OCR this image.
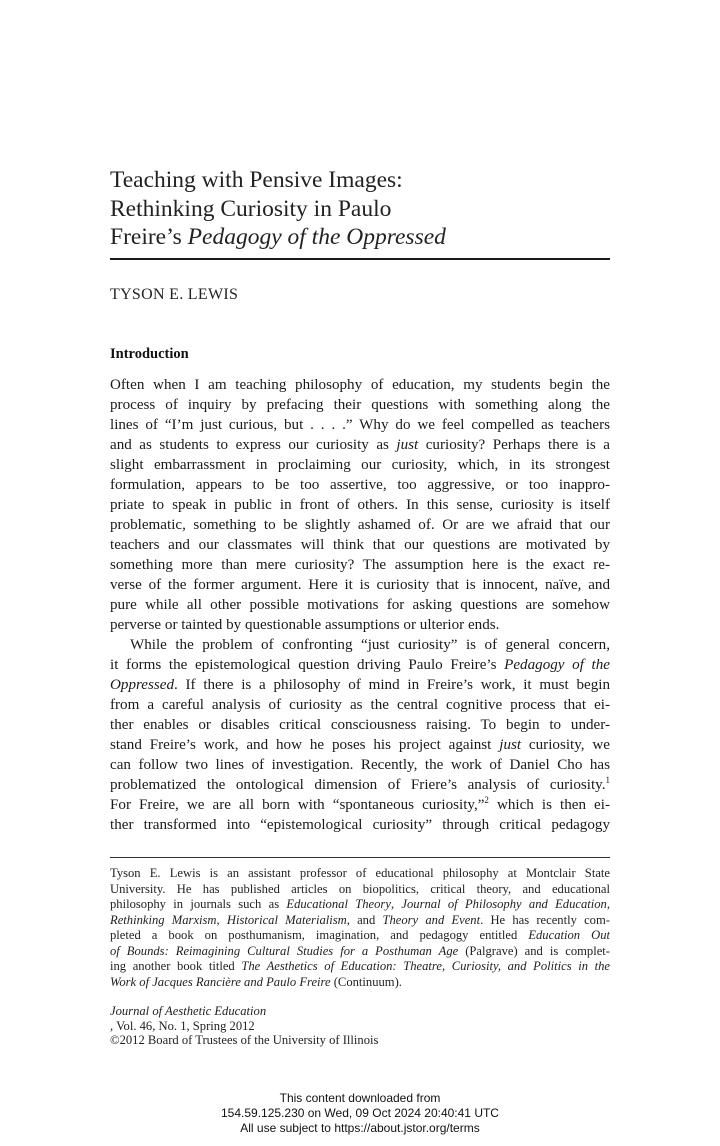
Teaching with Pensive Images:
Rethinking Curiosity in Paulo
Freire’s Pedagogy of the Oppressed
TYSON E. LEWIS
Introduction
Often when I am teaching philosophy of education, my students begin the
process of inquiry by prefacing their questions with something along the
lines of “I’m just curious, but . . . .” Why do we feel compelled as teachers
and as students to express our curiosity as just curiosity? Perhaps there is a
slight embarrassment in proclaiming our curiosity, which, in its strongest
formulation, appears to be too assertive, too aggressive, or too inappro-
priate to speak in public in front of others. In this sense, curiosity is itself
problematic, something to be slightly ashamed of. Or are we afraid that our
teachers and our classmates will think that our questions are motivated by
something more than mere curiosity? The assumption here is the exact re-
verse of the former argument. Here it is curiosity that is innocent, naïve, and
pure while all other possible motivations for asking questions are somehow
perverse or tainted by questionable assumptions or ulterior ends.
While the problem of confronting “just curiosity” is of general concern,
it forms the epistemological question driving Paulo Freire’s Pedagogy of the
Oppressed. If there is a philosophy of mind in Freire’s work, it must begin
from a careful analysis of curiosity as the central cognitive process that ei-
ther enables or disables critical consciousness raising. To begin to under-
stand Freire’s work, and how he poses his project against just curiosity, we
can follow two lines of investigation. Recently, the work of Daniel Cho has
problematized the ontological dimension of Friere’s analysis of curiosity.$^1$
For Freire, we are all born with “spontaneous curiosity,”$^2$ which is then ei-
ther transformed into “epistemological curiosity” through critical pedagogy
Tyson E. Lewis is an assistant professor of educational philosophy at Montclair State
University. He has published articles on biopolitics, critical theory, and educational
philosophy in journals such as Educational Theory, Journal of Philosophy and Education,
Rethinking Marxism, Historical Materialism, and Theory and Event. He has recently com-
pleted a book on posthumanism, imagination, and pedagogy entitled Education Out
of Bounds: Reimagining Cultural Studies for a Posthuman Age (Palgrave) and is complet-
ing another book titled The Aesthetics of Education: Theatre, Curiosity, and Politics in the
Work of Jacques Rancière and Paulo Freire (Continuum).
Journal of Aesthetic Education
, Vol. 46, No. 1, Spring 2012
©2012 Board of Trustees of the University of Illinois
This content downloaded from
154.59.125.230 on Wed, 09 Oct 2024 20:40:41 UTC
All use subject to https://about.jstor.org/terms
